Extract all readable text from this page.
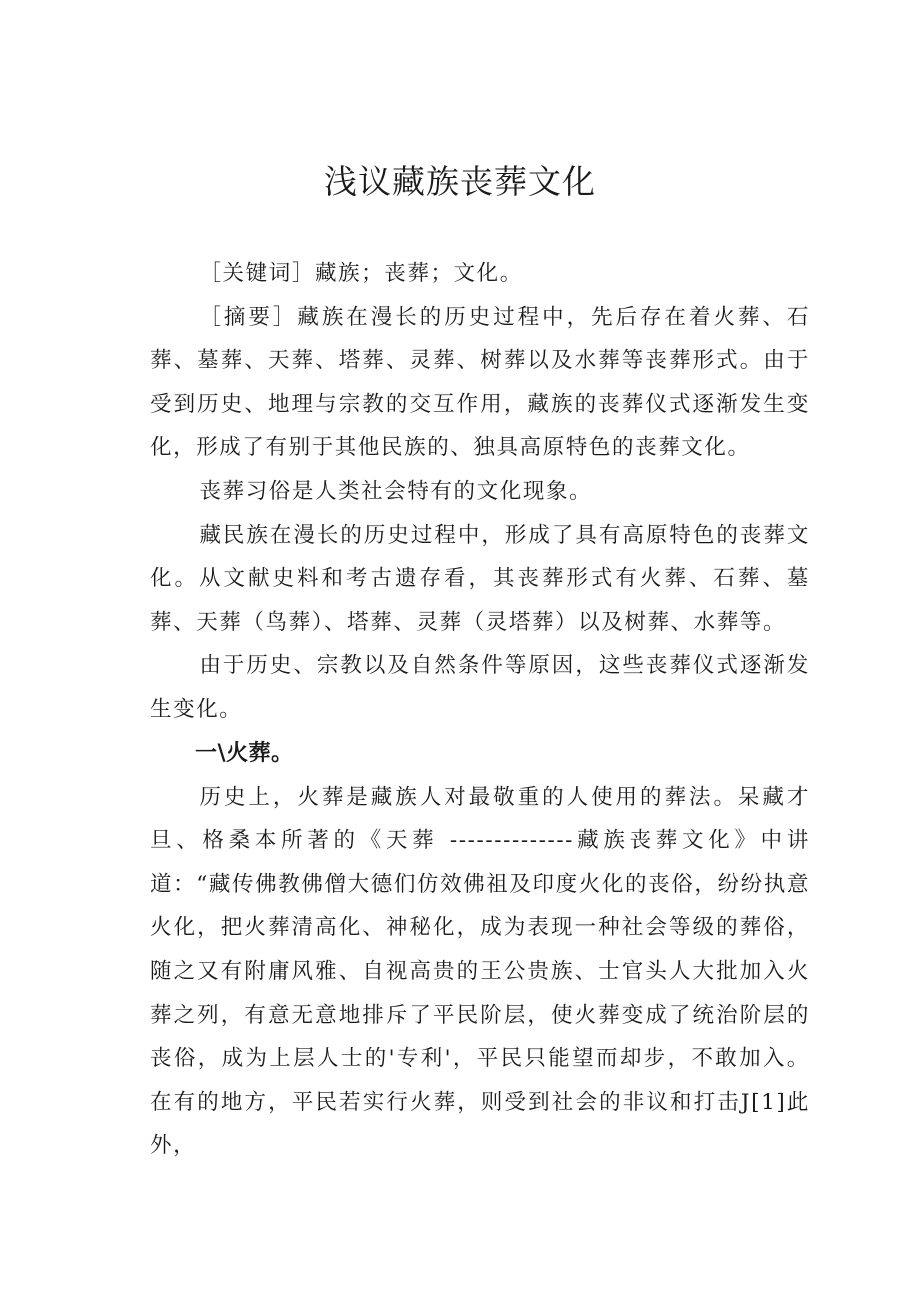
浅议藏族丧葬文化

［关键词］藏族；丧葬；文化。

［摘要］藏族在漫长的历史过程中，先后存在着火葬、石葬、墓葬、天葬、塔葬、灵葬、树葬以及水葬等丧葬形式。由于受到历史、地理与宗教的交互作用，藏族的丧葬仪式逐渐发生变化，形成了有别于其他民族的、独具高原特色的丧葬文化。

丧葬习俗是人类社会特有的文化现象。

藏民族在漫长的历史过程中，形成了具有高原特色的丧葬文化。从文献史料和考古遗存看，其丧葬形式有火葬、石葬、墓葬、天葬（鸟葬）、塔葬、灵葬（灵塔葬）以及树葬、水葬等。

由于历史、宗教以及自然条件等原因，这些丧葬仪式逐渐发生变化。

一\火葬。

历史上，火葬是藏族人对最敬重的人使用的葬法。呆藏才旦、格桑本所著的《天葬 --------------藏族丧葬文化》中讲道：“藏传佛教佛僧大德们仿效佛祖及印度火化的丧俗，纷纷执意火化，把火葬清高化、神秘化，成为表现一种社会等级的葬俗，随之又有附庸风雅、自视高贵的王公贵族、士官头人大批加入火葬之列，有意无意地排斥了平民阶层，使火葬变成了统治阶层的丧俗，成为上层人士的'专利'，平民只能望而却步，不敢加入。在有的地方，平民若实行火葬，则受到社会的非议和打击J[1]此外，
